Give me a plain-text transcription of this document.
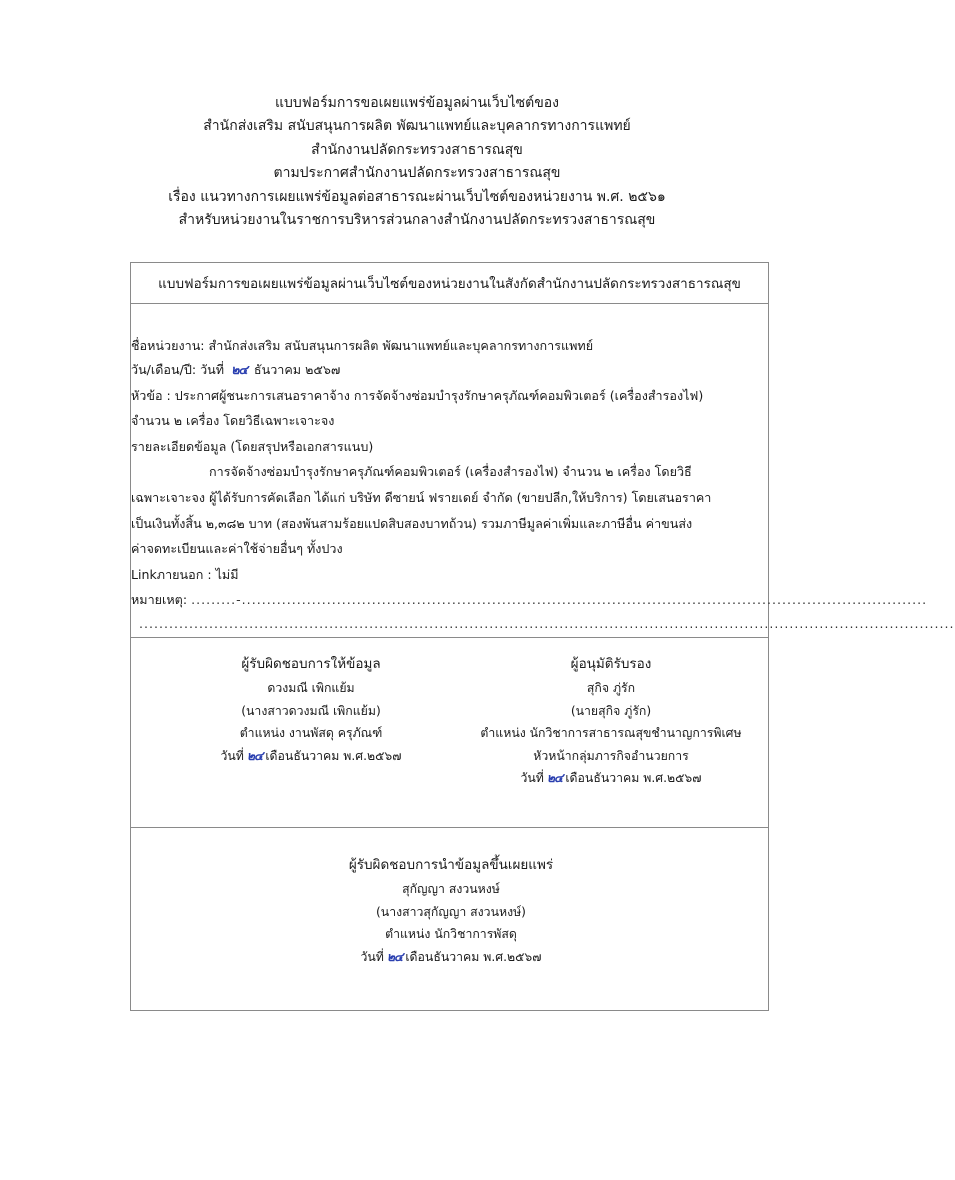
แบบฟอร์มการขอเผยแพร่ข้อมูลผ่านเว็บไซต์ของ
สำนักส่งเสริม สนับสนุนการผลิต พัฒนาแพทย์และบุคลากรทางการแพทย์
สำนักงานปลัดกระทรวงสาธารณสุข
ตามประกาศสำนักงานปลัดกระทรวงสาธารณสุข
เรื่อง แนวทางการเผยแพร่ข้อมูลต่อสาธารณะผ่านเว็บไซต์ของหน่วยงาน พ.ศ. ๒๕๖๑
สำหรับหน่วยงานในราชการบริหารส่วนกลางสำนักงานปลัดกระทรวงสาธารณสุข
แบบฟอร์มการขอเผยแพร่ข้อมูลผ่านเว็บไซต์ของหน่วยงานในสังกัดสำนักงานปลัดกระทรวงสาธารณสุข
ชื่อหน่วยงาน: สำนักส่งเสริม สนับสนุนการผลิต พัฒนาแพทย์และบุคลากรทางการแพทย์
วัน/เดือน/ปี: วันที่ ๒๔ ธันวาคม ๒๕๖๗
หัวข้อ : ประกาศผู้ชนะการเสนอราคาจ้าง การจัดจ้างซ่อมบำรุงรักษาครุภัณฑ์คอมพิวเตอร์ (เครื่องสำรองไฟ)
จำนวน ๒ เครื่อง โดยวิธีเฉพาะเจาะจง
รายละเอียดข้อมูล (โดยสรุปหรือเอกสารแนบ)
การจัดจ้างซ่อมบำรุงรักษาครุภัณฑ์คอมพิวเตอร์ (เครื่องสำรองไฟ) จำนวน ๒ เครื่อง โดยวิธี
เฉพาะเจาะจง ผู้ได้รับการคัดเลือก ได้แก่ บริษัท ดีซายน์ ฟรายเดย์ จำกัด (ขายปลีก,ให้บริการ) โดยเสนอราคา
เป็นเงินทั้งสิ้น ๒,๓๘๒ บาท (สองพันสามร้อยแปดสิบสองบาทถ้วน) รวมภาษีมูลค่าเพิ่มและภาษีอื่น ค่าขนส่ง
ค่าจดทะเบียนและค่าใช้จ่ายอื่นๆ ทั้งปวง
Linkภายนอก : ไม่มี
หมายเหตุ: .........-.........................................................................................................................................
...................................................................................................................................................................
ผู้รับผิดชอบการให้ข้อมูล
ดวงมณี เพิกแย้ม
(นางสาวดวงมณี เพิกแย้ม)
ตำแหน่ง งานพัสดุ ครุภัณฑ์
วันที่ ๒๔ เดือนธันวาคม พ.ศ.๒๕๖๗
ผู้อนุมัติรับรอง
สุกิจ ภู่รัก
(นายสุกิจ ภู่รัก)
ตำแหน่ง นักวิชาการสาธารณสุขชำนาญการพิเศษ
หัวหน้ากลุ่มภารกิจอำนวยการ
วันที่ ๒๔ เดือนธันวาคม พ.ศ.๒๕๖๗
ผู้รับผิดชอบการนำข้อมูลขึ้นเผยแพร่
สุกัญญา สงวนหงษ์
(นางสาวสุกัญญา สงวนหงษ์)
ตำแหน่ง นักวิชาการพัสดุ
วันที่ ๒๔ เดือนธันวาคม พ.ศ.๒๕๖๗
